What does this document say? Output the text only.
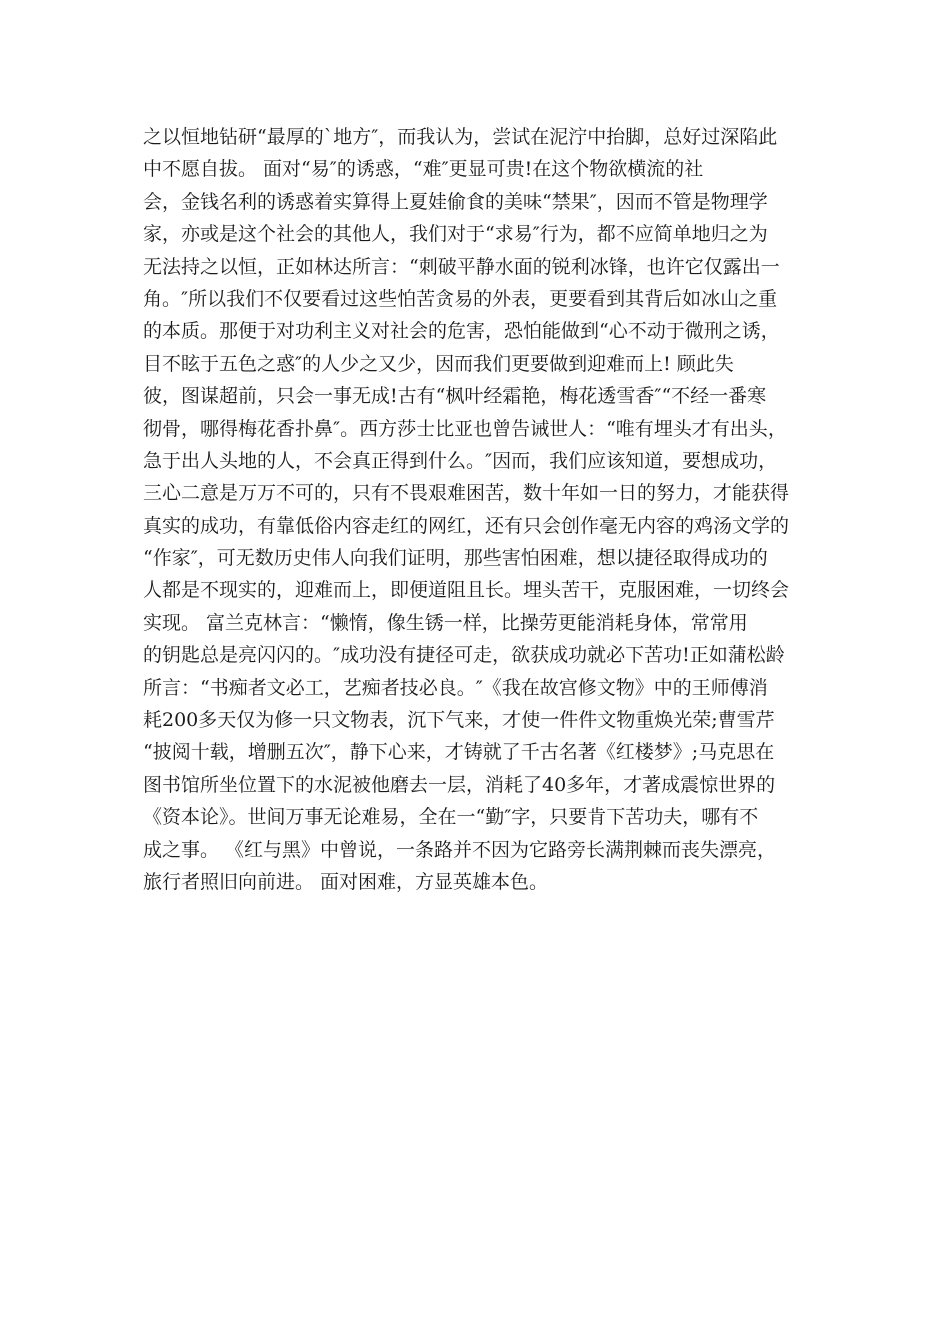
之以恒地钻研“最厚的`地方″，而我认为，尝试在泥泞中抬脚，总好过深陷此
中不愿自拔。 面对“易″的诱惑，“难″更显可贵!在这个物欲横流的社
会，金钱名利的诱惑着实算得上夏娃偷食的美味“禁果″，因而不管是物理学
家，亦或是这个社会的其他人，我们对于“求易″行为，都不应简单地归之为
无法持之以恒，正如林达所言：“刺破平静水面的锐利冰锋，也许它仅露出一
角。″所以我们不仅要看过这些怕苦贪易的外表，更要看到其背后如冰山之重
的本质。那便于对功利主义对社会的危害，恐怕能做到“心不动于微刑之诱，
目不眩于五色之惑″的人少之又少，因而我们更要做到迎难而上! 顾此失
彼，图谋超前，只会一事无成!古有“枫叶经霜艳，梅花透雪香″“不经一番寒
彻骨，哪得梅花香扑鼻″。西方莎士比亚也曾告诫世人：“唯有埋头才有出头，
急于出人头地的人，不会真正得到什么。″因而，我们应该知道，要想成功，
三心二意是万万不可的，只有不畏艰难困苦，数十年如一日的努力，才能获得
真实的成功，有靠低俗内容走红的网红，还有只会创作毫无内容的鸡汤文学的
“作家″，可无数历史伟人向我们证明，那些害怕困难，想以捷径取得成功的
人都是不现实的，迎难而上，即便道阻且长。埋头苦干，克服困难，一切终会
实现。 富兰克林言：“懒惰，像生锈一样，比操劳更能消耗身体，常常用
的钥匙总是亮闪闪的。″成功没有捷径可走，欲获成功就必下苦功!正如蒲松龄
所言：“书痴者文必工，艺痴者技必良。″《我在故宫修文物》中的王师傅消
耗200多天仅为修一只文物表，沉下气来，才使一件件文物重焕光荣;曹雪芹
“披阅十载，增删五次″，静下心来，才铸就了千古名著《红楼梦》;马克思在
图书馆所坐位置下的水泥被他磨去一层，消耗了40多年，才著成震惊世界的
《资本论》。世间万事无论难易，全在一“勤″字，只要肯下苦功夫，哪有不
成之事。 《红与黑》中曾说，一条路并不因为它路旁长满荆棘而丧失漂亮，
旅行者照旧向前进。 面对困难，方显英雄本色。
